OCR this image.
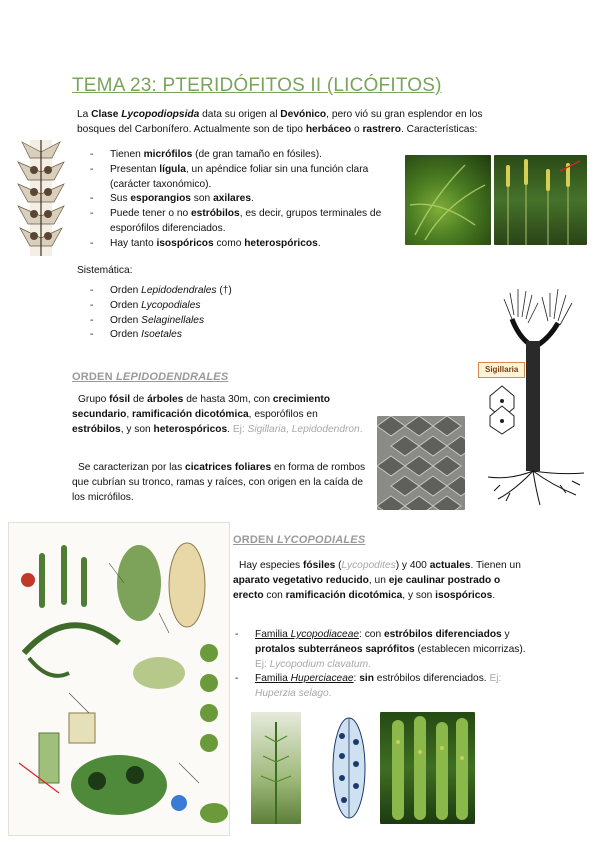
TEMA 23: PTERIDÓFITOS II (LICÓFITOS)
La Clase Lycopodiopsida data su origen al Devónico, pero vió su gran esplendor en los bosques del Carbonífero. Actualmente son de tipo herbáceo o rastrero. Características:
- Tienen micrófilos (de gran tamaño en fósiles).
- Presentan lígula, un apéndice foliar sin una función clara (carácter taxonómico).
- Sus esporangios son axilares.
- Puede tener o no estróbilos, es decir, grupos terminales de esporófilos diferenciados.
- Hay tanto isospóricos como heterospóricos.
Sistemática:
- Orden Lepidodendrales (†)
- Orden Lycopodiales
- Orden Selaginellales
- Orden Isoetales
Sigillaria
ORDEN LEPIDODENDRALES
Grupo fósil de árboles de hasta 30m, con crecimiento secundario, ramificación dicotómica, esporófilos en estróbilos, y son heterospóricos. Ej: Sigillaria, Lepidodendron.
Se caracterizan por las cicatrices foliares en forma de rombos que cubrían su tronco, ramas y raíces, con origen en la caída de los micrófilos.
ORDEN LYCOPODIALES
Hay especies fósiles (Lycopodites) y 400 actuales. Tienen un aparato vegetativo reducido, un eje caulinar postrado o erecto con ramificación dicotómica, y son isospóricos.
- Familia Lycopodiaceae: con estróbilos diferenciados y protalos subterráneos saprófitos (establecen micorrizas). Ej: Lycopodium clavatum.
- Familia Huperciaceae: sin estróbilos diferenciados. Ej: Huperzia selago.
